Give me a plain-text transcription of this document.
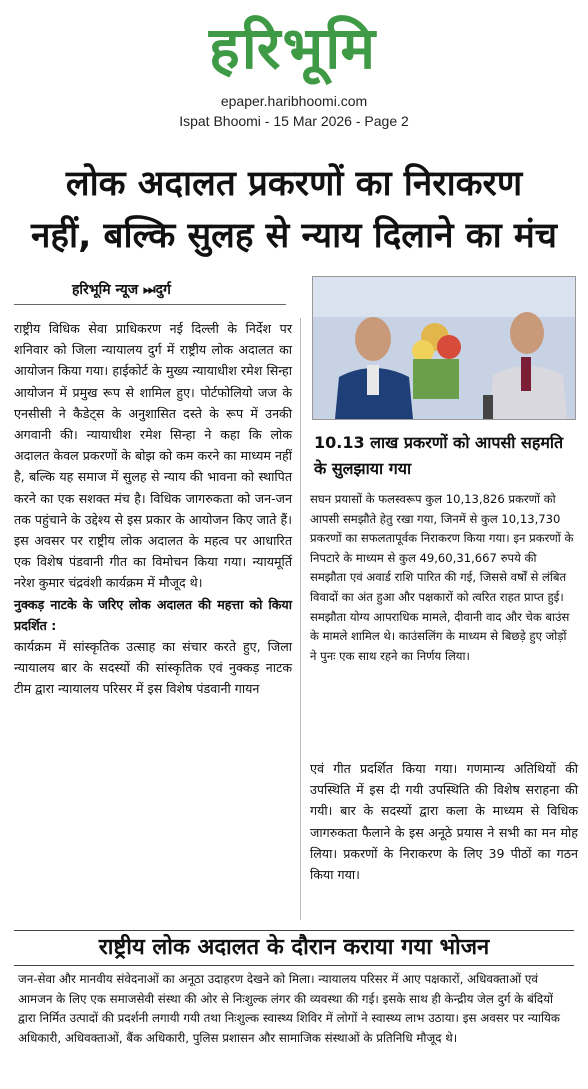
हरिभूमि
epaper.haribhoomi.com
Ispat Bhoomi - 15 Mar 2026 - Page 2
लोक अदालत प्रकरणों का निराकरण
नहीं, बल्कि सुलह से न्याय दिलाने का मंच
हरिभूमि न्यूज ⏭दुर्ग

राष्ट्रीय विधिक सेवा प्राधिकरण नई दिल्ली के निर्देश पर शनिवार को जिला न्यायालय दुर्ग में राष्ट्रीय लोक अदालत का आयोजन किया गया। हाईकोर्ट के मुख्य न्यायाधीश रमेश सिन्हा आयोजन में प्रमुख रूप से शामिल हुए। पोर्टफोलियो जज के एनसीसी ने कैडेट्स के अनुशासित दस्ते के रूप में उनकी अगवानी की। न्यायाधीश रमेश सिन्हा ने कहा कि लोक अदालत केवल प्रकरणों के बोझ को कम करने का माध्यम नहीं है, बल्कि यह समाज में सुलह से न्याय की भावना को स्थापित करने का एक सशक्त मंच है। विधिक जागरुकता को जन-जन तक पहुंचाने के उद्देश्य से इस प्रकार के आयोजन किए जाते हैं। इस अवसर पर राष्ट्रीय लोक अदालत के महत्व पर आधारित एक विशेष पंडवानी गीत का विमोचन किया गया। न्यायमूर्ति नरेश कुमार चंद्रवंशी कार्यक्रम में मौजूद थे।

नुक्कड़ नाटके के जरिए लोक अदालत की महत्ता को किया प्रदर्शित :

कार्यक्रम में सांस्कृतिक उत्साह का संचार करते हुए, जिला न्यायालय बार के सदस्यों की सांस्कृतिक एवं नुक्कड़ नाटक टीम द्वारा न्यायालय परिसर में इस विशेष पंडवानी गायन

10.13 लाख प्रकरणों को आपसी सहमति के सुलझाया गया

सघन प्रयासों के फलस्वरूप कुल 10,13,826 प्रकरणों को आपसी समझौते हेतु रखा गया, जिनमें से कुल 10,13,730 प्रकरणों का सफलतापूर्वक निराकरण किया गया। इन प्रकरणों के निपटारे के माध्यम से कुल 49,60,31,667 रुपये की समझौता एवं अवार्ड राशि पारित की गई, जिससे वर्षों से लंबित विवादों का अंत हुआ और पक्षकारों को त्वरित राहत प्राप्त हुई। समझौता योग्य आपराधिक मामले, दीवानी वाद और चेक बाउंस के मामले शामिल थे। काउंसलिंग के माध्यम से बिछड़े हुए जोड़ों ने पुनः एक साथ रहने का निर्णय लिया।

एवं गीत प्रदर्शित किया गया। गणमान्य अतिथियों की उपस्थिति में इस दी गयी उपस्थिति की विशेष सराहना की गयी। बार के सदस्यों द्वारा कला के माध्यम से विधिक जागरुकता फैलाने के इस अनूठे प्रयास ने सभी का मन मोह लिया। प्रकरणों के निराकरण के लिए 39 पीठों का गठन किया गया।

राष्ट्रीय लोक अदालत के दौरान कराया गया भोजन

जन-सेवा और मानवीय संवेदनाओं का अनूठा उदाहरण देखने को मिला। न्यायालय परिसर में आए पक्षकारों, अधिवक्ताओं एवं आमजन के लिए एक समाजसेवी संस्था की ओर से निःशुल्क लंगर की व्यवस्था की गई। इसके साथ ही केन्द्रीय जेल दुर्ग के बंदियों द्वारा निर्मित उत्पादों की प्रदर्शनी लगायी गयी तथा निःशुल्क स्वास्थ्य शिविर में लोगों ने स्वास्थ्य लाभ उठाया। इस अवसर पर न्यायिक अधिकारी, अधिवक्ताओं, बैंक अधिकारी, पुलिस प्रशासन और सामाजिक संस्थाओं के प्रतिनिधि मौजूद थे।
